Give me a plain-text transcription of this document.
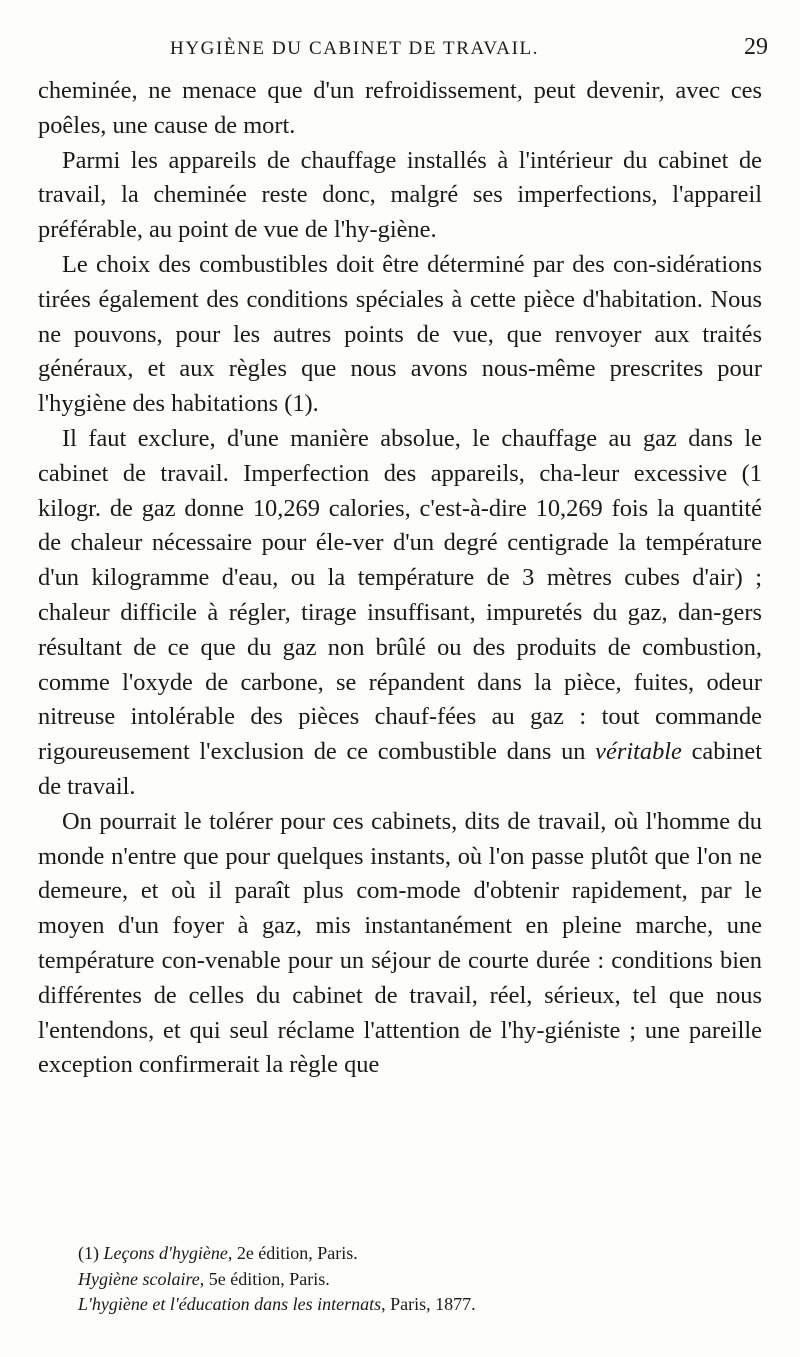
HYGIÈNE DU CABINET DE TRAVAIL.	29

cheminée, ne menace que d'un refroidissement, peut devenir, avec ces poêles, une cause de mort.

Parmi les appareils de chauffage installés à l'intérieur du cabinet de travail, la cheminée reste donc, malgré ses imperfections, l'appareil préférable, au point de vue de l'hy-giène.

Le choix des combustibles doit être déterminé par des con-sidérations tirées également des conditions spéciales à cette pièce d'habitation. Nous ne pouvons, pour les autres points de vue, que renvoyer aux traités généraux, et aux règles que nous avons nous-même prescrites pour l'hygiène des habitations (1).

Il faut exclure, d'une manière absolue, le chauffage au gaz dans le cabinet de travail. Imperfection des appareils, cha-leur excessive (1 kilogr. de gaz donne 10,269 calories, c'est-à-dire 10,269 fois la quantité de chaleur nécessaire pour éle-ver d'un degré centigrade la température d'un kilogramme d'eau, ou la température de 3 mètres cubes d'air) ; chaleur difficile à régler, tirage insuffisant, impuretés du gaz, dan-gers résultant de ce que du gaz non brûlé ou des produits de combustion, comme l'oxyde de carbone, se répandent dans la pièce, fuites, odeur nitreuse intolérable des pièces chauf-fées au gaz : tout commande rigoureusement l'exclusion de ce combustible dans un véritable cabinet de travail.

On pourrait le tolérer pour ces cabinets, dits de travail, où l'homme du monde n'entre que pour quelques instants, où l'on passe plutôt que l'on ne demeure, et où il paraît plus com-mode d'obtenir rapidement, par le moyen d'un foyer à gaz, mis instantanément en pleine marche, une température con-venable pour un séjour de courte durée : conditions bien différentes de celles du cabinet de travail, réel, sérieux, tel que nous l'entendons, et qui seul réclame l'attention de l'hy-giéniste ; une pareille exception confirmerait la règle que

(1) Leçons d'hygiène, 2e édition, Paris.

Hygiène scolaire, 5e édition, Paris.

L'hygiène et l'éducation dans les internats, Paris, 1877.
